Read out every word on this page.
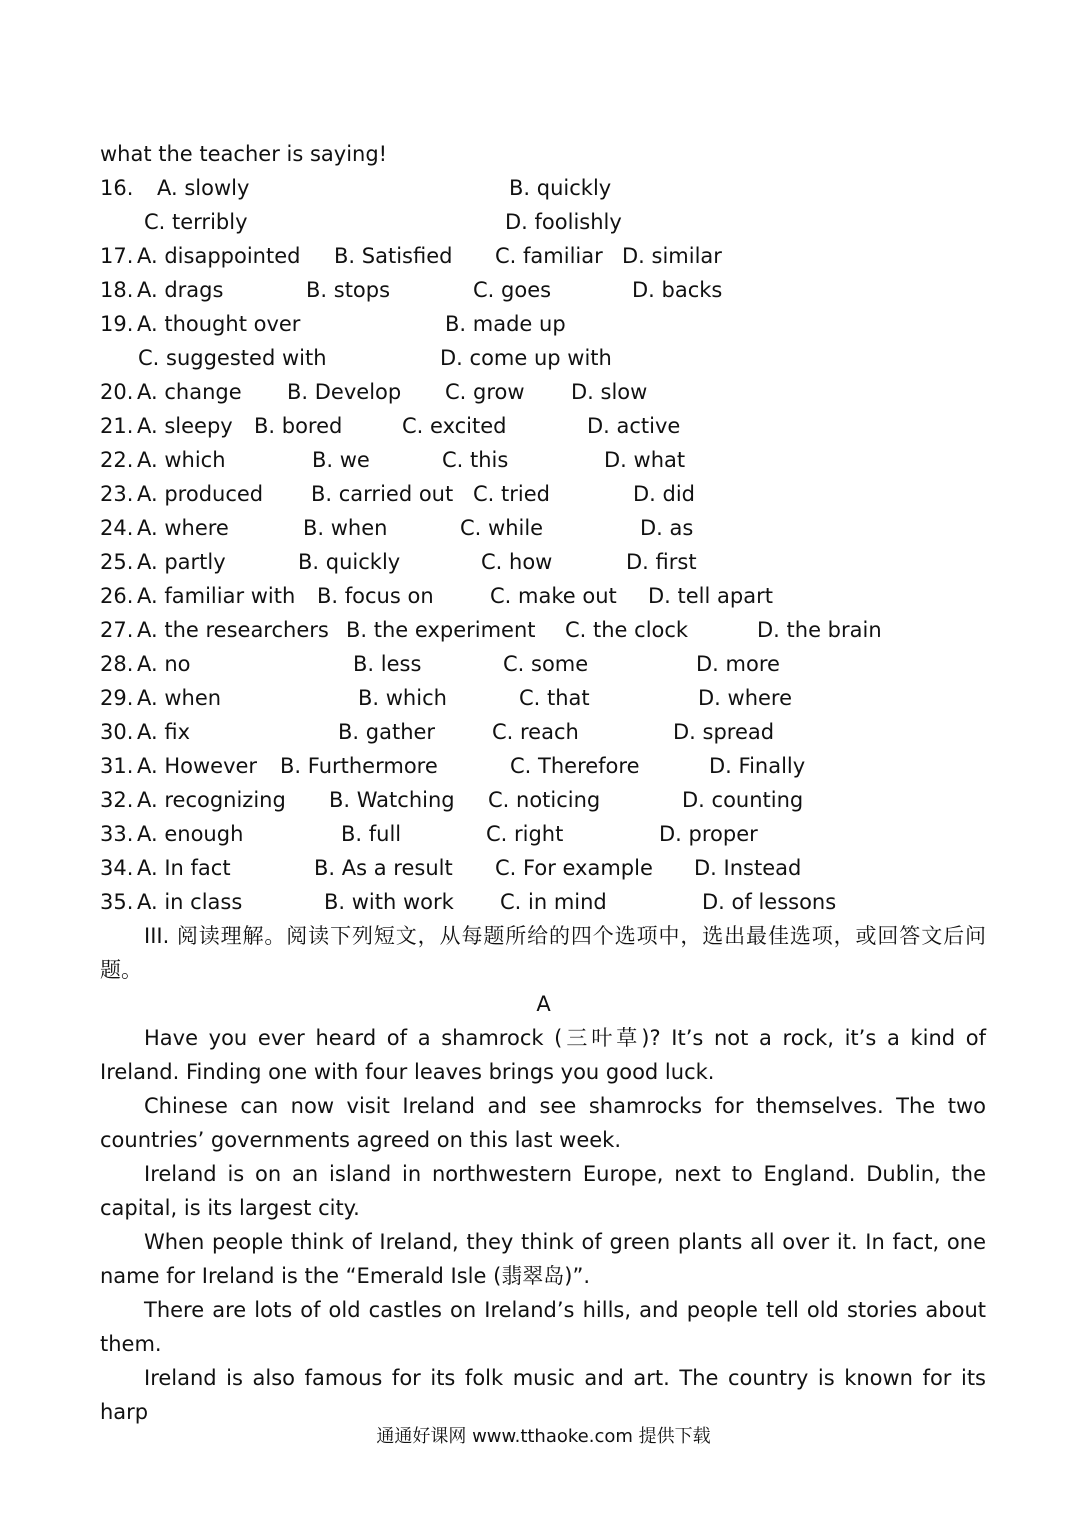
what the teacher is saying!
16. A. slowly	B. quickly
C. terribly	D. foolishly
17. A. disappointed B. Satisfied C. familiar D. similar
18. A. drags	B. stops	C. goes	D. backs
19. A. thought over	B. made up
C. suggested with	D. come up with
20. A. change B. Develop C. grow D. slow
21. A. sleepy B. bored	C. excited	D. active
22. A. which	B. we	C. this	D. what
23. A. produced B. carried out C. tried	D. did
24. A. where	B. when	C. while	D. as
25. A. partly	B. quickly	C. how	D. first
26. A. familiar with B. focus on	C. make out D. tell apart
27. A. the researchers B. the experiment C. the clock	D. the brain
28. A. no	B. less	C. some	D. more
29. A. when	B. which	C. that	D. where
30. A. fix	B. gather	C. reach	D. spread
31. A. However B. Furthermore	C. Therefore	D. Finally
32. A. recognizing B. Watching C. noticing	D. counting
33. A. enough	B. full	C. right	D. proper
34. A. In fact	B. As a result C. For example D. Instead
35. A. in class	B. with work C. in mind	D. of lessons
III. 阅读理解。阅读下列短文，从每题所给的四个选项中，选出最佳选项，或回答文后问题。
A
Have you ever heard of a shamrock (三叶草)? It’s not a rock, it’s a kind of Ireland. Finding one with four leaves brings you good luck.
Chinese can now visit Ireland and see shamrocks for themselves. The two countries’ governments agreed on this last week.
Ireland is on an island in northwestern Europe, next to England. Dublin, the capital, is its largest city.
When people think of Ireland, they think of green plants all over it. In fact, one name for Ireland is the “Emerald Isle (翡翠岛)”.
There are lots of old castles on Ireland’s hills, and people tell old stories about them.
Ireland is also famous for its folk music and art. The country is known for its harp
通通好课网 www.tthaoke.com 提供下载
